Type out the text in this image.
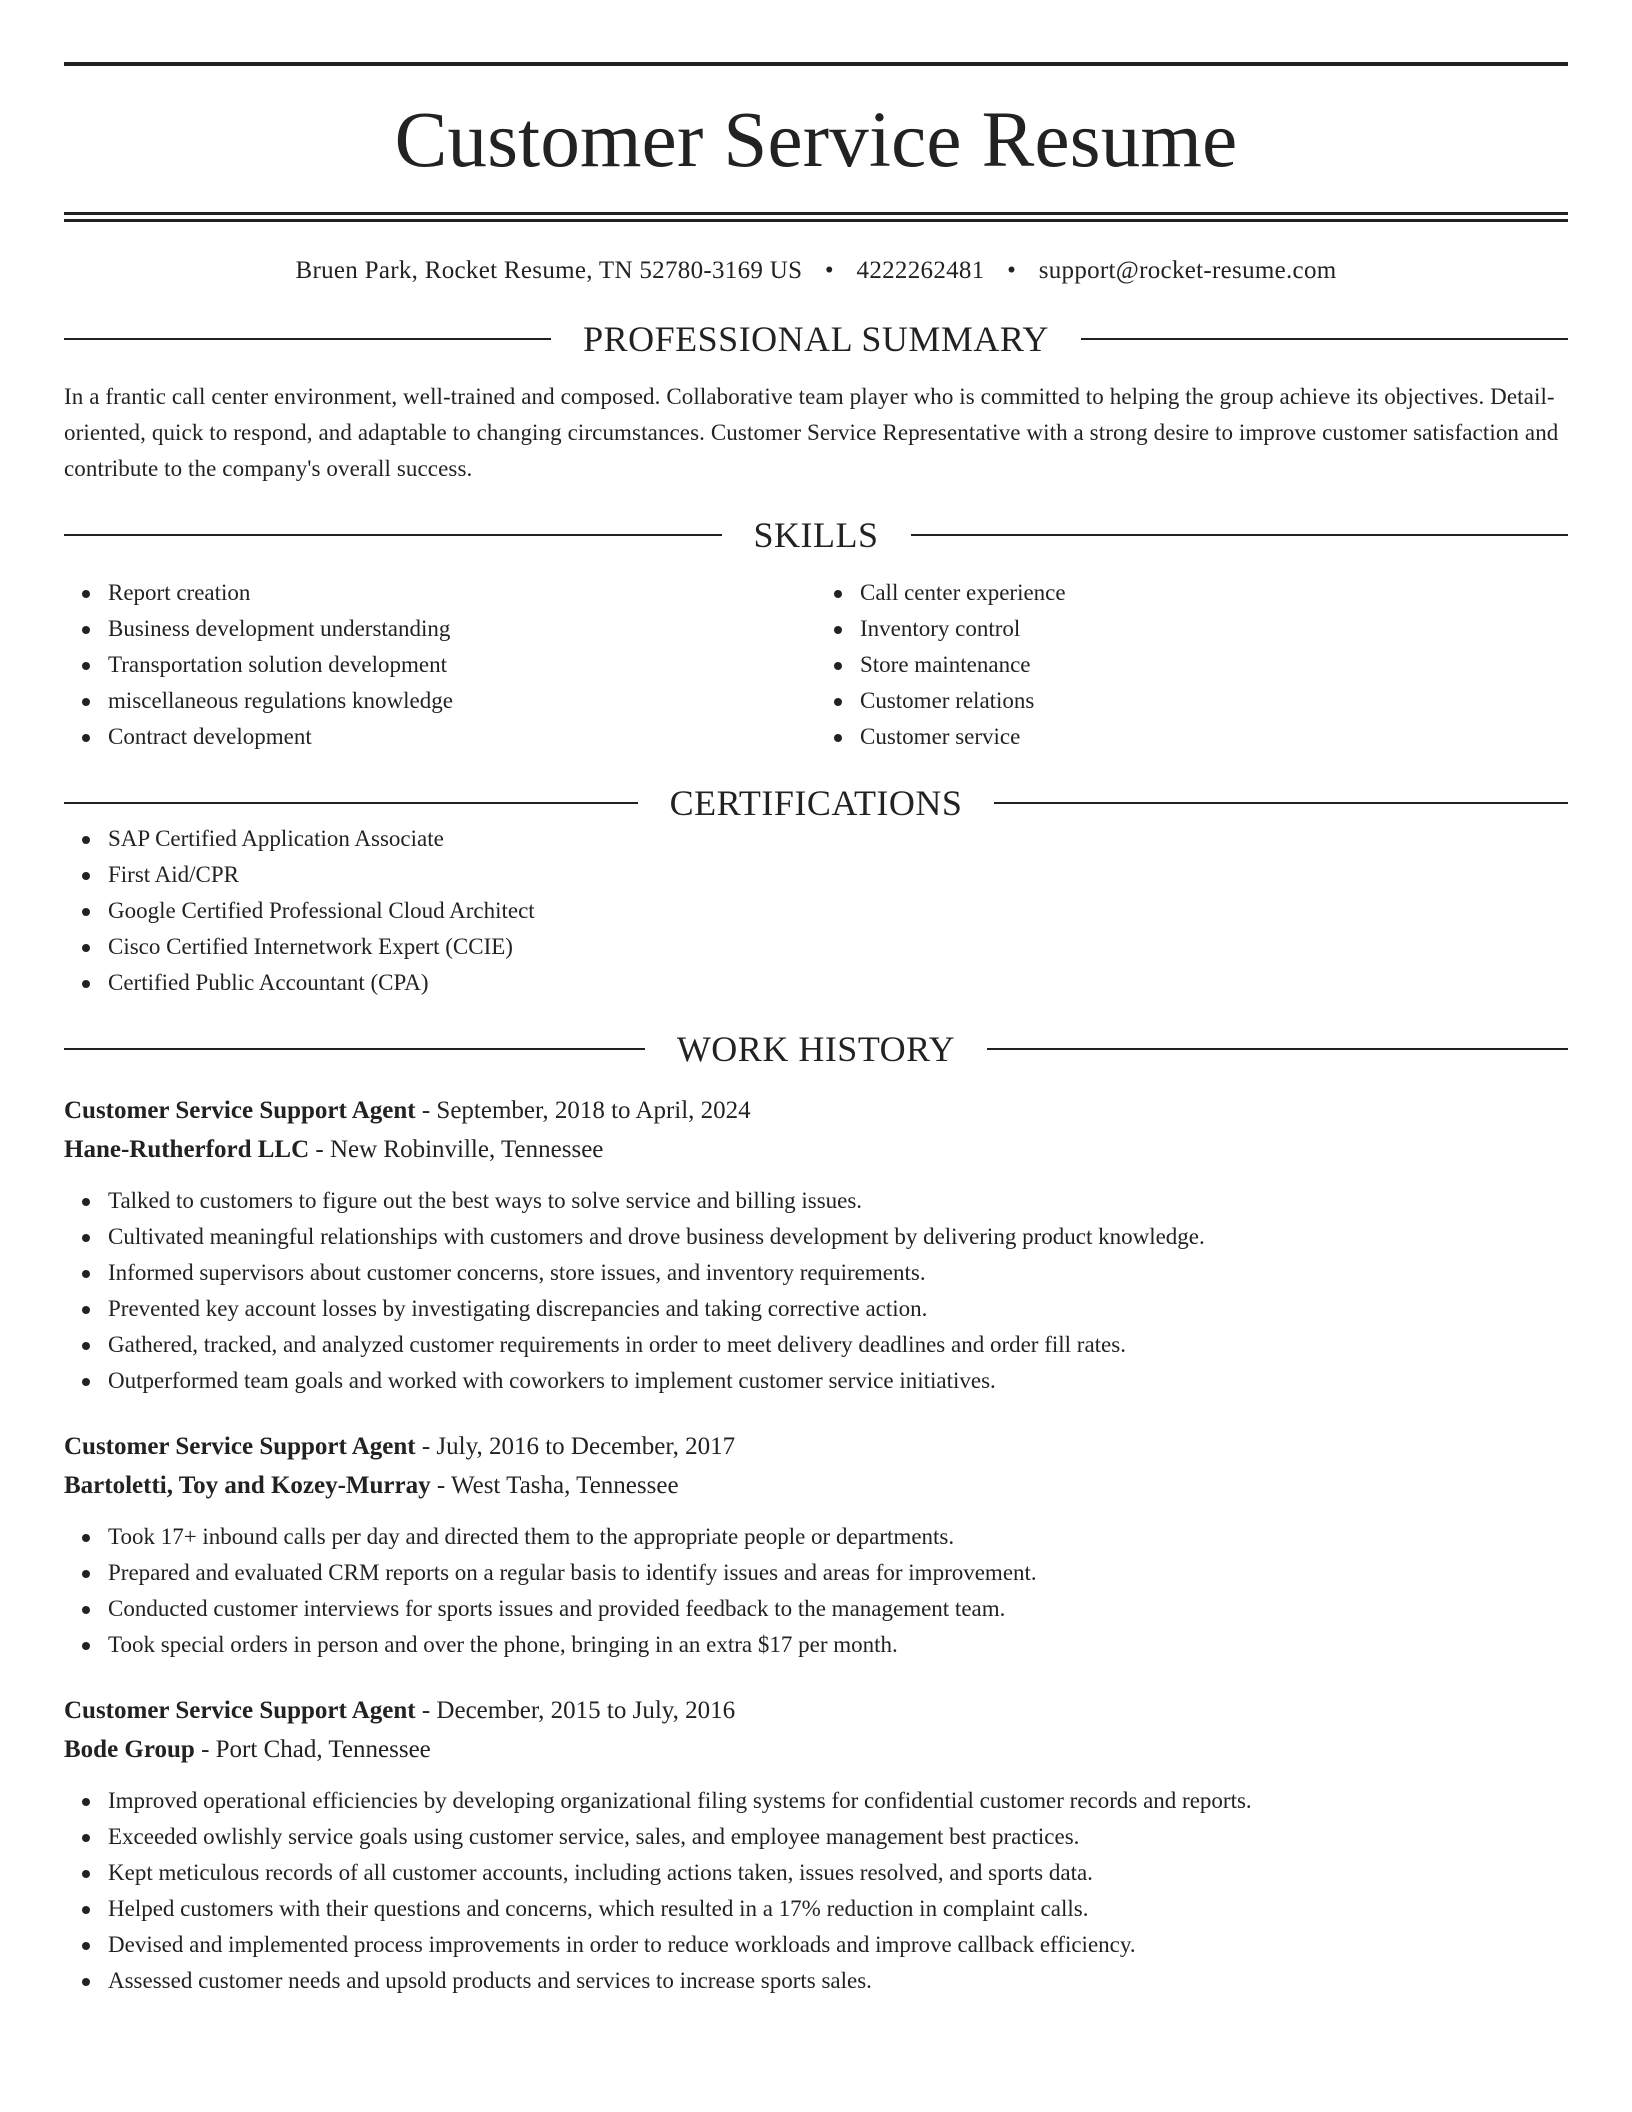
Customer Service Resume
Bruen Park, Rocket Resume, TN 52780-3169 US • 4222262481 • support@rocket-resume.com
PROFESSIONAL SUMMARY

In a frantic call center environment, well-trained and composed. Collaborative team player who is committed to helping the group achieve its objectives. Detail-oriented, quick to respond, and adaptable to changing circumstances. Customer Service Representative with a strong desire to improve customer satisfaction and contribute to the company's overall success.

SKILLS
Report creation
Business development understanding
Transportation solution development
miscellaneous regulations knowledge
Contract development
Call center experience
Inventory control
Store maintenance
Customer relations
Customer service
CERTIFICATIONS
SAP Certified Application Associate
First Aid/CPR
Google Certified Professional Cloud Architect
Cisco Certified Internetwork Expert (CCIE)
Certified Public Accountant (CPA)
WORK HISTORY
Customer Service Support Agent - September, 2018 to April, 2024
Hane-Rutherford LLC - New Robinville, Tennessee
Talked to customers to figure out the best ways to solve service and billing issues.
Cultivated meaningful relationships with customers and drove business development by delivering product knowledge.
Informed supervisors about customer concerns, store issues, and inventory requirements.
Prevented key account losses by investigating discrepancies and taking corrective action.
Gathered, tracked, and analyzed customer requirements in order to meet delivery deadlines and order fill rates.
Outperformed team goals and worked with coworkers to implement customer service initiatives.
Customer Service Support Agent - July, 2016 to December, 2017
Bartoletti, Toy and Kozey-Murray - West Tasha, Tennessee
Took 17+ inbound calls per day and directed them to the appropriate people or departments.
Prepared and evaluated CRM reports on a regular basis to identify issues and areas for improvement.
Conducted customer interviews for sports issues and provided feedback to the management team.
Took special orders in person and over the phone, bringing in an extra $17 per month.
Customer Service Support Agent - December, 2015 to July, 2016
Bode Group - Port Chad, Tennessee
Improved operational efficiencies by developing organizational filing systems for confidential customer records and reports.
Exceeded owlishly service goals using customer service, sales, and employee management best practices.
Kept meticulous records of all customer accounts, including actions taken, issues resolved, and sports data.
Helped customers with their questions and concerns, which resulted in a 17% reduction in complaint calls.
Devised and implemented process improvements in order to reduce workloads and improve callback efficiency.
Assessed customer needs and upsold products and services to increase sports sales.
